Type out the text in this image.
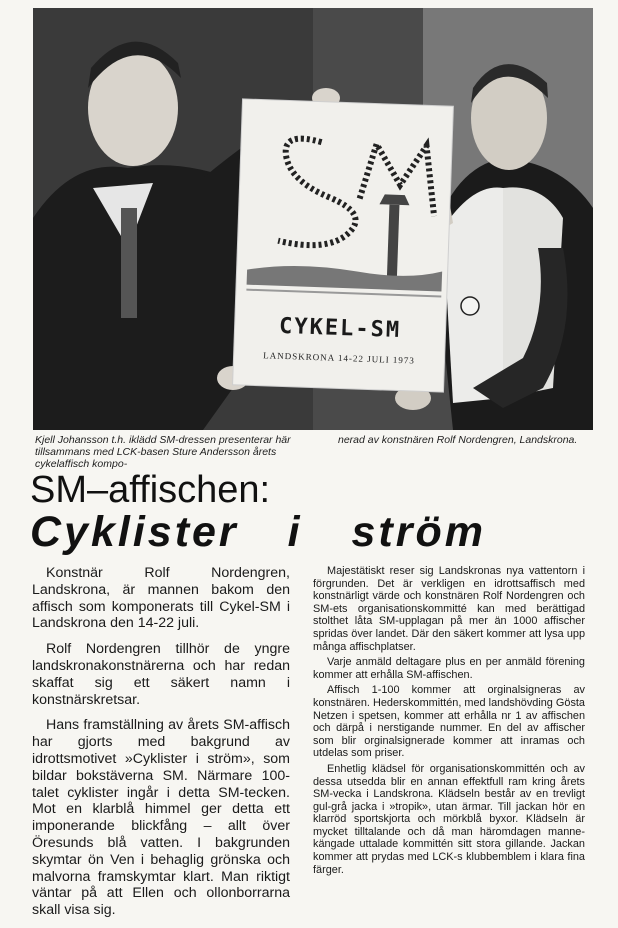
CYKEL-SM
LANDSKRONA 14-22 JULI 1973
Kjell Johansson t.h. iklädd SM-dressen presenterar här tillsammans med LCK-basen Sture Andersson årets cykelaffisch kompo-
nerad av konstnären Rolf Nordengren, Landskrona.
SM–affischen:
Cyklister i ström

Konstnär Rolf Nordengren, Landskrona, är mannen bakom den affisch som komponerats till Cykel-SM i Landskrona den 14-22 juli.

Rolf Nordengren tillhör de yngre landskronakonstnärerna och har redan skaffat sig ett säkert namn i konstnärskretsar.

Hans framställning av årets SM-affisch har gjorts med bakgrund av idrottsmotivet »Cyklister i ström», som bildar bokstäverna SM. Närmare 100-talet cyklister ingår i detta SM-tecken. Mot en klarblå himmel ger detta ett imponerande blickfång – allt över Öresunds blå vatten. I bakgrunden skymtar ön Ven i behaglig grönska och malvorna framskymtar klart. Man riktigt väntar på att Ellen och ollonborrarna skall visa sig.

Majestätiskt reser sig Landskronas nya vattentorn i förgrunden. Det är verkligen en idrottsaffisch med konstnärligt värde och konstnären Rolf Nordengren och SM-ets organisationskommitté kan med berättigad stolthet låta SM-upplagan på mer än 1000 affischer spridas över landet. Där den säkert kommer att lysa upp många affischplatser.

Varje anmäld deltagare plus en per anmäld förening kommer att erhålla SM-affischen.

Affisch 1-100 kommer att orginalsigneras av konstnären. Hederskommittén, med landshövding Gösta Netzen i spetsen, kommer att erhålla nr 1 av affischen och därpå i nerstigande nummer. En del av affischer som blir orginalsignerade kommer att inramas och utdelas som priser.

Enhetlig klädsel för organisationskommittén och av dessa utsedda blir en annan effektfull ram kring årets SM-vecka i Landskrona. Klädseln består av en trevligt gul-grå jacka i »tropik», utan ärmar. Till jackan hör en klarröd sportskjorta och mörkblå byxor. Klädseln är mycket tilltalande och då man häromdagen manne-kängade uttalade kommittén sitt stora gillande. Jackan kommer att prydas med LCK-s klubbemblem i klara fina färger.
